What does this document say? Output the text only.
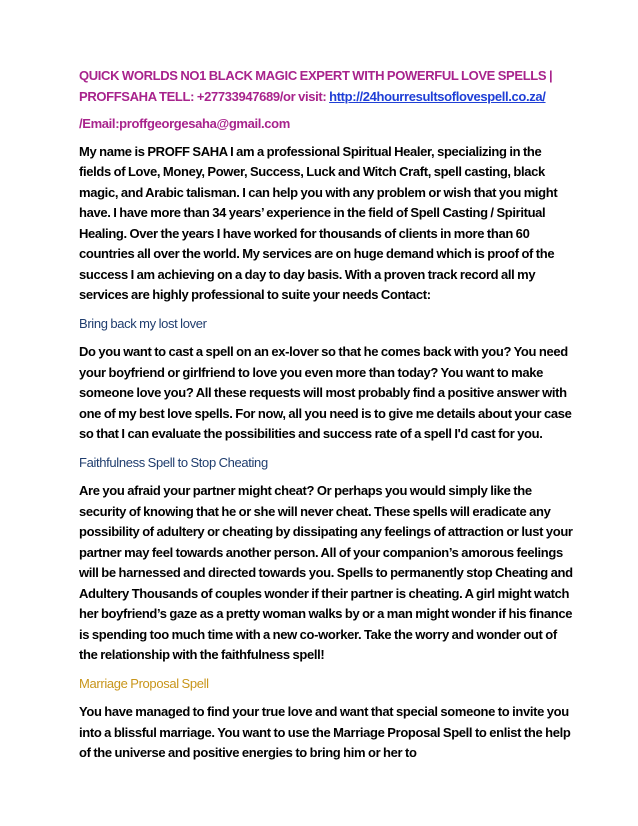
QUICK WORLDS NO1 BLACK MAGIC EXPERT WITH POWERFUL LOVE SPELLS |
PROFFSAHA TELL: +27733947689/or visit: http://24hourresultsoflovespell.co.za/

/Email:proffgeorgesaha@gmail.com

My name is PROFF SAHA I am a professional Spiritual Healer, specializing in the fields of Love, Money, Power, Success, Luck and Witch Craft, spell casting, black magic, and Arabic talisman. I can help you with any problem or wish that you might have. I have more than 34 years’ experience in the field of Spell Casting / Spiritual Healing. Over the years I have worked for thousands of clients in more than 60 countries all over the world. My services are on huge demand which is proof of the success I am achieving on a day to day basis. With a proven track record all my services are highly professional to suite your needs Contact:

Bring back my lost lover

Do you want to cast a spell on an ex-lover so that he comes back with you? You need your boyfriend or girlfriend to love you even more than today? You want to make someone love you? All these requests will most probably find a positive answer with one of my best love spells. For now, all you need is to give me details about your case so that I can evaluate the possibilities and success rate of a spell I'd cast for you.

Faithfulness Spell to Stop Cheating

Are you afraid your partner might cheat? Or perhaps you would simply like the security of knowing that he or she will never cheat. These spells will eradicate any possibility of adultery or cheating by dissipating any feelings of attraction or lust your partner may feel towards another person. All of your companion’s amorous feelings will be harnessed and directed towards you. Spells to permanently stop Cheating and Adultery Thousands of couples wonder if their partner is cheating. A girl might watch her boyfriend’s gaze as a pretty woman walks by or a man might wonder if his finance is spending too much time with a new co-worker. Take the worry and wonder out of the relationship with the faithfulness spell!

Marriage Proposal Spell

You have managed to find your true love and want that special someone to invite you into a blissful marriage. You want to use the Marriage Proposal Spell to enlist the help of the universe and positive energies to bring him or her to
